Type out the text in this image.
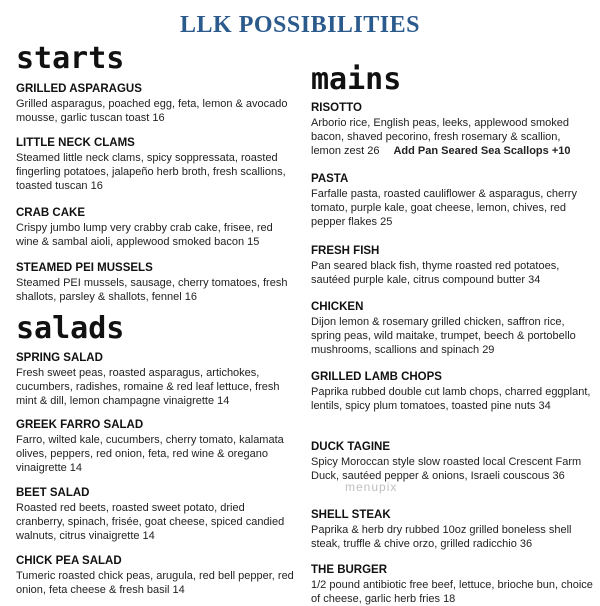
LLK POSSIBILITIES
starts
GRILLED ASPARAGUS
Grilled asparagus, poached egg, feta, lemon & avocado mousse, garlic tuscan toast 16
LITTLE NECK CLAMS
Steamed little neck clams, spicy soppressata, roasted fingerling potatoes, jalapeño herb broth, fresh scallions, toasted tuscan 16
CRAB CAKE
Crispy jumbo lump very crabby crab cake, frisee, red wine & sambal aioli, applewood smoked bacon 15
STEAMED PEI MUSSELS
Steamed PEI mussels, sausage, cherry tomatoes, fresh shallots, parsley & shallots, fennel 16
salads
SPRING SALAD
Fresh sweet peas, roasted asparagus, artichokes, cucumbers, radishes, romaine & red leaf lettuce, fresh mint & dill, lemon champagne vinaigrette 14
GREEK FARRO SALAD
Farro, wilted kale, cucumbers, cherry tomato, kalamata olives, peppers, red onion, feta, red wine & oregano vinaigrette 14
BEET SALAD
Roasted red beets, roasted sweet potato, dried cranberry, spinach, frisée, goat cheese, spiced candied walnuts, citrus vinaigrette 14
CHICK PEA SALAD
Tumeric roasted chick peas, arugula, red bell pepper, red onion, feta cheese & fresh basil 14
mains
RISOTTO
Arborio rice, English peas, leeks, applewood smoked bacon, shaved pecorino, fresh rosemary & scallion, lemon zest 26 Add Pan Seared Sea Scallops +10
PASTA
Farfalle pasta, roasted cauliflower & asparagus, cherry tomato, purple kale, goat cheese, lemon, chives, red pepper flakes 25
FRESH FISH
Pan seared black fish, thyme roasted red potatoes, sautéed purple kale, citrus compound butter 34
CHICKEN
Dijon lemon & rosemary grilled chicken, saffron rice, spring peas, wild maitake, trumpet, beech & portobello mushrooms, scallions and spinach 29
GRILLED LAMB CHOPS
Paprika rubbed double cut lamb chops, charred eggplant, lentils, spicy plum tomatoes, toasted pine nuts 34
DUCK TAGINE
Spicy Moroccan style slow roasted local Crescent Farm Duck, sautéed pepper & onions, Israeli couscous 36
SHELL STEAK
Paprika & herb dry rubbed 10oz grilled boneless shell steak, truffle & chive orzo, grilled radicchio 36
THE BURGER
1/2 pound antibiotic free beef, lettuce, brioche bun, choice of cheese, garlic herb fries 18
menupix
